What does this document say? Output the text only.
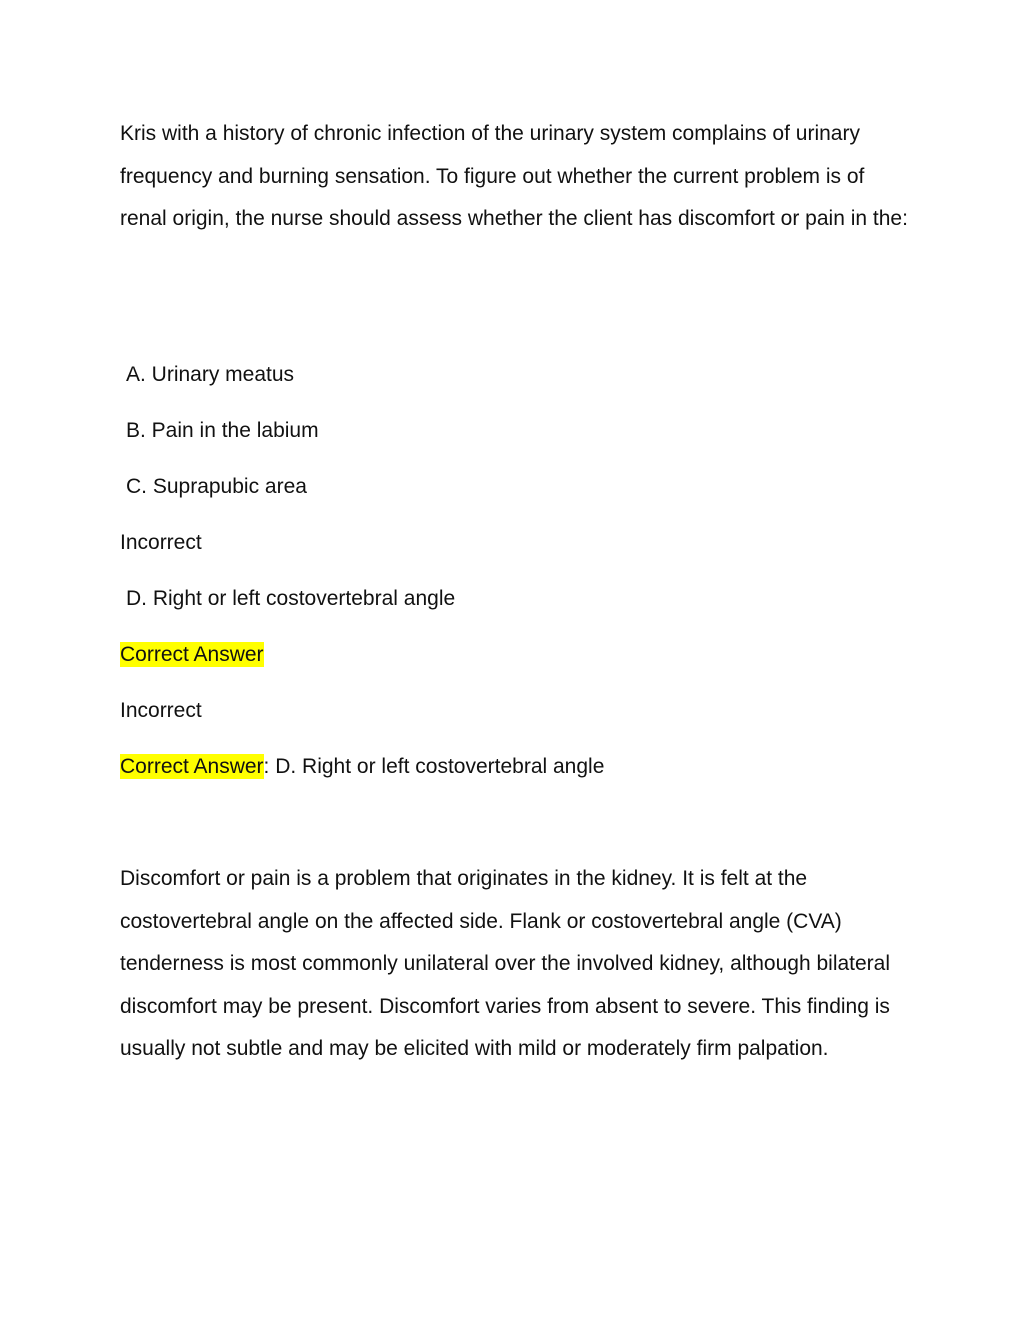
Kris with a history of chronic infection of the urinary system complains of urinary frequency and burning sensation. To figure out whether the current problem is of renal origin, the nurse should assess whether the client has discomfort or pain in the:

A. Urinary meatus

B. Pain in the labium

C. Suprapubic area

Incorrect

D. Right or left costovertebral angle

Correct Answer

Incorrect

Correct Answer: D. Right or left costovertebral angle

Discomfort or pain is a problem that originates in the kidney. It is felt at the costovertebral angle on the affected side. Flank or costovertebral angle (CVA) tenderness is most commonly unilateral over the involved kidney, although bilateral discomfort may be present. Discomfort varies from absent to severe. This finding is usually not subtle and may be elicited with mild or moderately firm palpation.
